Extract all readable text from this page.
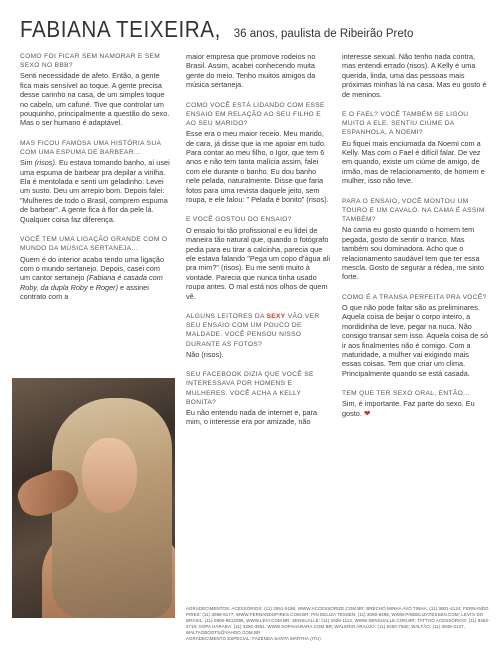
FABIANA TEIXEIRA, 36 anos, paulista de Ribeirão Preto
COMO FOI FICAR SEM NAMORAR E SEM SEXO NO BBB?
Senti necessidade de afeto. Então, a gente fica mais sensível ao toque. A gente precisa desse carinho na casa, de um simples toque no cabelo, um cafuné. Tive que controlar um pouquinho, principalmente a questão do sexo. Mas o ser humano é adaptável.
MAS FICOU FAMOSA UMA HISTÓRIA SUA COM UMA ESPUMA DE BARBEAR...
Sim (risos). Eu estava tomando banho, aí usei uma espuma de barbear pra depilar a virilha. Ela é mentolada e senti um geladinho. Levei um susto. Deu um arrepio bom. Depois falei: "Mulheres de todo o Brasil, comprem espuma de barbear". A gente fica à flor da pele lá. Qualquer coisa faz diferença.
VOCÊ TEM UMA LIGAÇÃO GRANDE COM O MUNDO DA MÚSICA SERTANEJA...
Quem é do interior acaba tendo uma ligação com o mundo sertanejo. Depois, casei com um cantor sertanejo (Fabiana é casada com Roby, da dupla Roby e Roger) e assinei contrato com a
maior empresa que promove rodeios no Brasil. Assim, acabei conhecendo muita gente do meio. Tenho muitos amigos da música sertaneja.
COMO VOCÊ ESTÁ LIDANDO COM ESSE ENSAIO EM RELAÇÃO AO SEU FILHO E AO SEU MARIDO?
Esse era o meu maior receio. Meu marido, de cara, já disse que ia me apoiar em tudo. Para contar ao meu filho, o Igor, que tem 6 anos e não tem tanta malícia assim, falei com ele durante o banho. Eu dou banho nele pelada, naturalmente. Disse que faria fotos para uma revista daquele jeito, sem roupa, e ele falou: " Pelada é bonito" (risos).
E VOCÊ GOSTOU DO ENSAIO?
O ensaio foi tão profissional e eu lidei de maneira tão natural que, quando o fotógrafo pedia para eu tirar a calcinha, parecia que ele estava falando "Pega um copo d'água ali pra mim?" (risos). Eu me senti muito à vontade. Parecia que nunca tinha usado roupa antes. O mal está nos olhos de quem vê.
ALGUNS LEITORES DA SEXY VÃO VER SEU ENSAIO COM UM POUCO DE MALDADE. VOCÊ PENSOU NISSO DURANTE AS FOTOS?
Não (risos).
SEU FACEBOOK DIZIA QUE VOCÊ SE INTERESSAVA POR HOMENS E MULHERES. VOCÊ ACHA A KELLY BONITA?
Eu não entendo nada de internet e, para mim, o interesse era por amizade, não
interesse sexual. Não tenho nada contra, mas entendi errado (risos). A Kelly é uma querida, linda, uma das pessoas mais próximas minhas lá na casa. Mas eu gosto é de meninos.
E O FAEL? VOCÊ TAMBÉM SE LIGOU MUITO A ELE. SENTIU CIÚME DA ESPANHOLA, A NOEMI?
Eu fiquei mais enciumada da Noemi com a Kelly. Mas com o Fael é difícil falar. De vez em quando, existe um ciúme de amigo, de irmão, mas de relacionamento, de homem e mulher, isso não teve.
PARA O ENSAIO, VOCÊ MONTOU UM TOURO E UM CAVALO. NA CAMA É ASSIM TAMBÉM?
Na cama eu gosto quando o homem tem pegada, gosto de sentir o tranco. Mas também sou dominadora. Acho que o relacionamento saudável tem que ter essa mescla. Gosto de segurar a rédea, me sinto forte.
COMO É A TRANSA PERFEITA PRA VOCÊ?
O que não pode faltar são as preliminares. Aquela coisa de beijar o corpo inteiro, a mordidinha de leve, pegar na nuca. Não consigo transar sem isso. Aquela coisa de só ir aos finalmentes não é comigo. Com a maturidade, a mulher vai exigindo mais essas coisas. Tem que criar um clima. Principalmente quando se está casada.
TEM QUE TER SEXO ORAL, ENTÃO...
Sim, é importante. Faz parte do sexo. Eu gosto. ❤
AGRADECIMENTOS: ACESSÓRIOS: (11) 3061-5196, WWW.ACCESSORIZE.COM.BR; BRECHÓ MINHA AVÓ TINHA: (11) 3801-4124; FERNANDO PIRES: (11) 3088-8177, WWW.FERNANDOPIRES.COM.BR; PIN DELIZA TESSEN: (11) 3060-8496, WWW.PINDELIZATESSEN.COM; LEVI'S DO BRASIL: (11) 0800-8512095, WWW.LEVI.COM.BR; SENSUALLE: (11) 2528-1112, WWW.SENSUALLE.COM.BR; TATTOO ACESSÓRIOS: (11) 8463-2710; SOPA HARARA: (11) 3250-3561, WWW.SOPAHARARA.COM.BR; WALERIO ARAÚJO: (11) 8250-7660; WALTÃO: (11) 3849-3137, WALTAOBOOTS@YAHOO.COM.BR
AGRADECIMENTO ESPECIAL: FAZENDA SANTA MARTHA (ITU)
